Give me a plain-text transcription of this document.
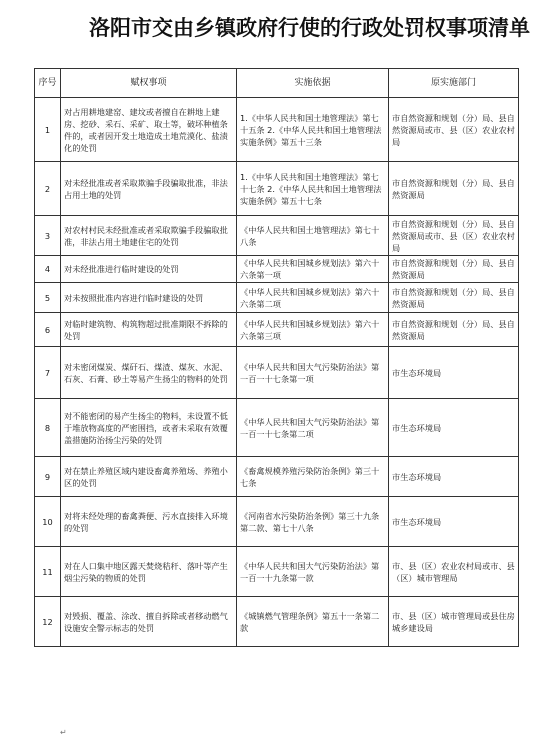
洛阳市交由乡镇政府行使的行政处罚权事项清单
序号	赋权事项	实施依据	原实施部门
1	对占用耕地建窑、建坟或者擅自在耕地上建房、挖砂、采石、采矿、取土等，破坏种植条件的，或者因开发土地造成土地荒漠化、盐渍化的处罚	1.《中华人民共和国土地管理法》第七十五条 2.《中华人民共和国土地管理法实施条例》第五十三条	市自然资源和规划（分）局、县自然资源局或市、县（区）农业农村局
2	对未经批准或者采取欺骗手段骗取批准，非法占用土地的处罚	1.《中华人民共和国土地管理法》第七十七条 2.《中华人民共和国土地管理法实施条例》第五十七条	市自然资源和规划（分）局、县自然资源局
3	对农村村民未经批准或者采取欺骗手段骗取批准，非法占用土地建住宅的处罚	《中华人民共和国土地管理法》第七十八条	市自然资源和规划（分）局、县自然资源局或市、县（区）农业农村局
4	对未经批准进行临时建设的处罚	《中华人民共和国城乡规划法》第六十六条第一项	市自然资源和规划（分）局、县自然资源局
5	对未按照批准内容进行临时建设的处罚	《中华人民共和国城乡规划法》第六十六条第二项	市自然资源和规划（分）局、县自然资源局
6	对临时建筑物、构筑物超过批准期限不拆除的处罚	《中华人民共和国城乡规划法》第六十六条第三项	市自然资源和规划（分）局、县自然资源局
7	对未密闭煤炭、煤矸石、煤渣、煤灰、水泥、石灰、石膏、砂土等易产生扬尘的物料的处罚	《中华人民共和国大气污染防治法》第一百一十七条第一项	市生态环境局
8	对不能密闭的易产生扬尘的物料，未设置不低于堆放物高度的严密围挡，或者未采取有效覆盖措施防治扬尘污染的处罚	《中华人民共和国大气污染防治法》第一百一十七条第二项	市生态环境局
9	对在禁止养殖区域内建设畜禽养殖场、养殖小区的处罚	《畜禽规模养殖污染防治条例》第三十七条	市生态环境局
10	对将未经处理的畜禽粪便、污水直接排入环境的处罚	《河南省水污染防治条例》第三十九条第二款、第七十八条	市生态环境局
11	对在人口集中地区露天焚烧秸秆、落叶等产生烟尘污染的物质的处罚	《中华人民共和国大气污染防治法》第一百一十九条第一款	市、县（区）农业农村局或市、县（区）城市管理局
12	对毁损、覆盖、涂改、擅自拆除或者移动燃气设施安全警示标志的处罚	《城镇燃气管理条例》第五十一条第二款	市、县（区）城市管理局或县住房城乡建设局
↵
